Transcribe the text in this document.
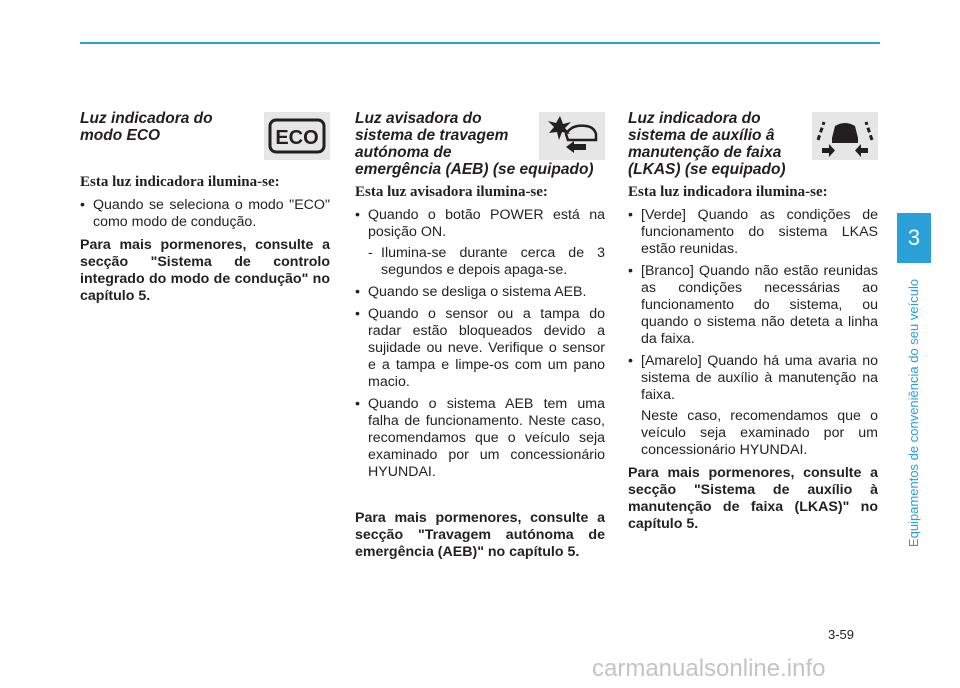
Luz indicadora do
modo ECO	ECO
Esta luz indicadora ilumina-se:
• Quando se seleciona o modo "ECO" como modo de condução.

Para mais pormenores, consulte a secção "Sistema de controlo integrado do modo de condução" no capítulo 5.

Luz avisadora do
sistema de travagem
autónoma de
emergência (AEB) (se equipado)
Esta luz avisadora ilumina-se:
• Quando o botão POWER está na posição ON.
- Ilumina-se durante cerca de 3 segundos e depois apaga-se.
• Quando se desliga o sistema AEB.
• Quando o sensor ou a tampa do radar estão bloqueados devido a sujidade ou neve. Verifique o sensor e a tampa e limpe-os com um pano macio.
• Quando o sistema AEB tem uma falha de funcionamento. Neste caso, recomendamos que o veículo seja examinado por um concessionário HYUNDAI.

Para mais pormenores, consulte a secção "Travagem autónoma de emergência (AEB)" no capítulo 5.

Luz indicadora do
sistema de auxílio â
manutenção de faixa
(LKAS) (se equipado)
Esta luz indicadora ilumina-se:
• [Verde] Quando as condições de funcionamento do sistema LKAS estão reunidas.
• [Branco] Quando não estão reunidas as condições necessárias ao funcionamento do sistema, ou quando o sistema não deteta a linha da faixa.
• [Amarelo] Quando há uma avaria no sistema de auxílio à manutenção na faixa.
Neste caso, recomendamos que o veículo seja examinado por um concessionário HYUNDAI.

Para mais pormenores, consulte a secção "Sistema de auxílio à manutenção de faixa (LKAS)" no capítulo 5.

3
Equipamentos de conveniência do seu veículo
3-59
carmanualsonline.info
